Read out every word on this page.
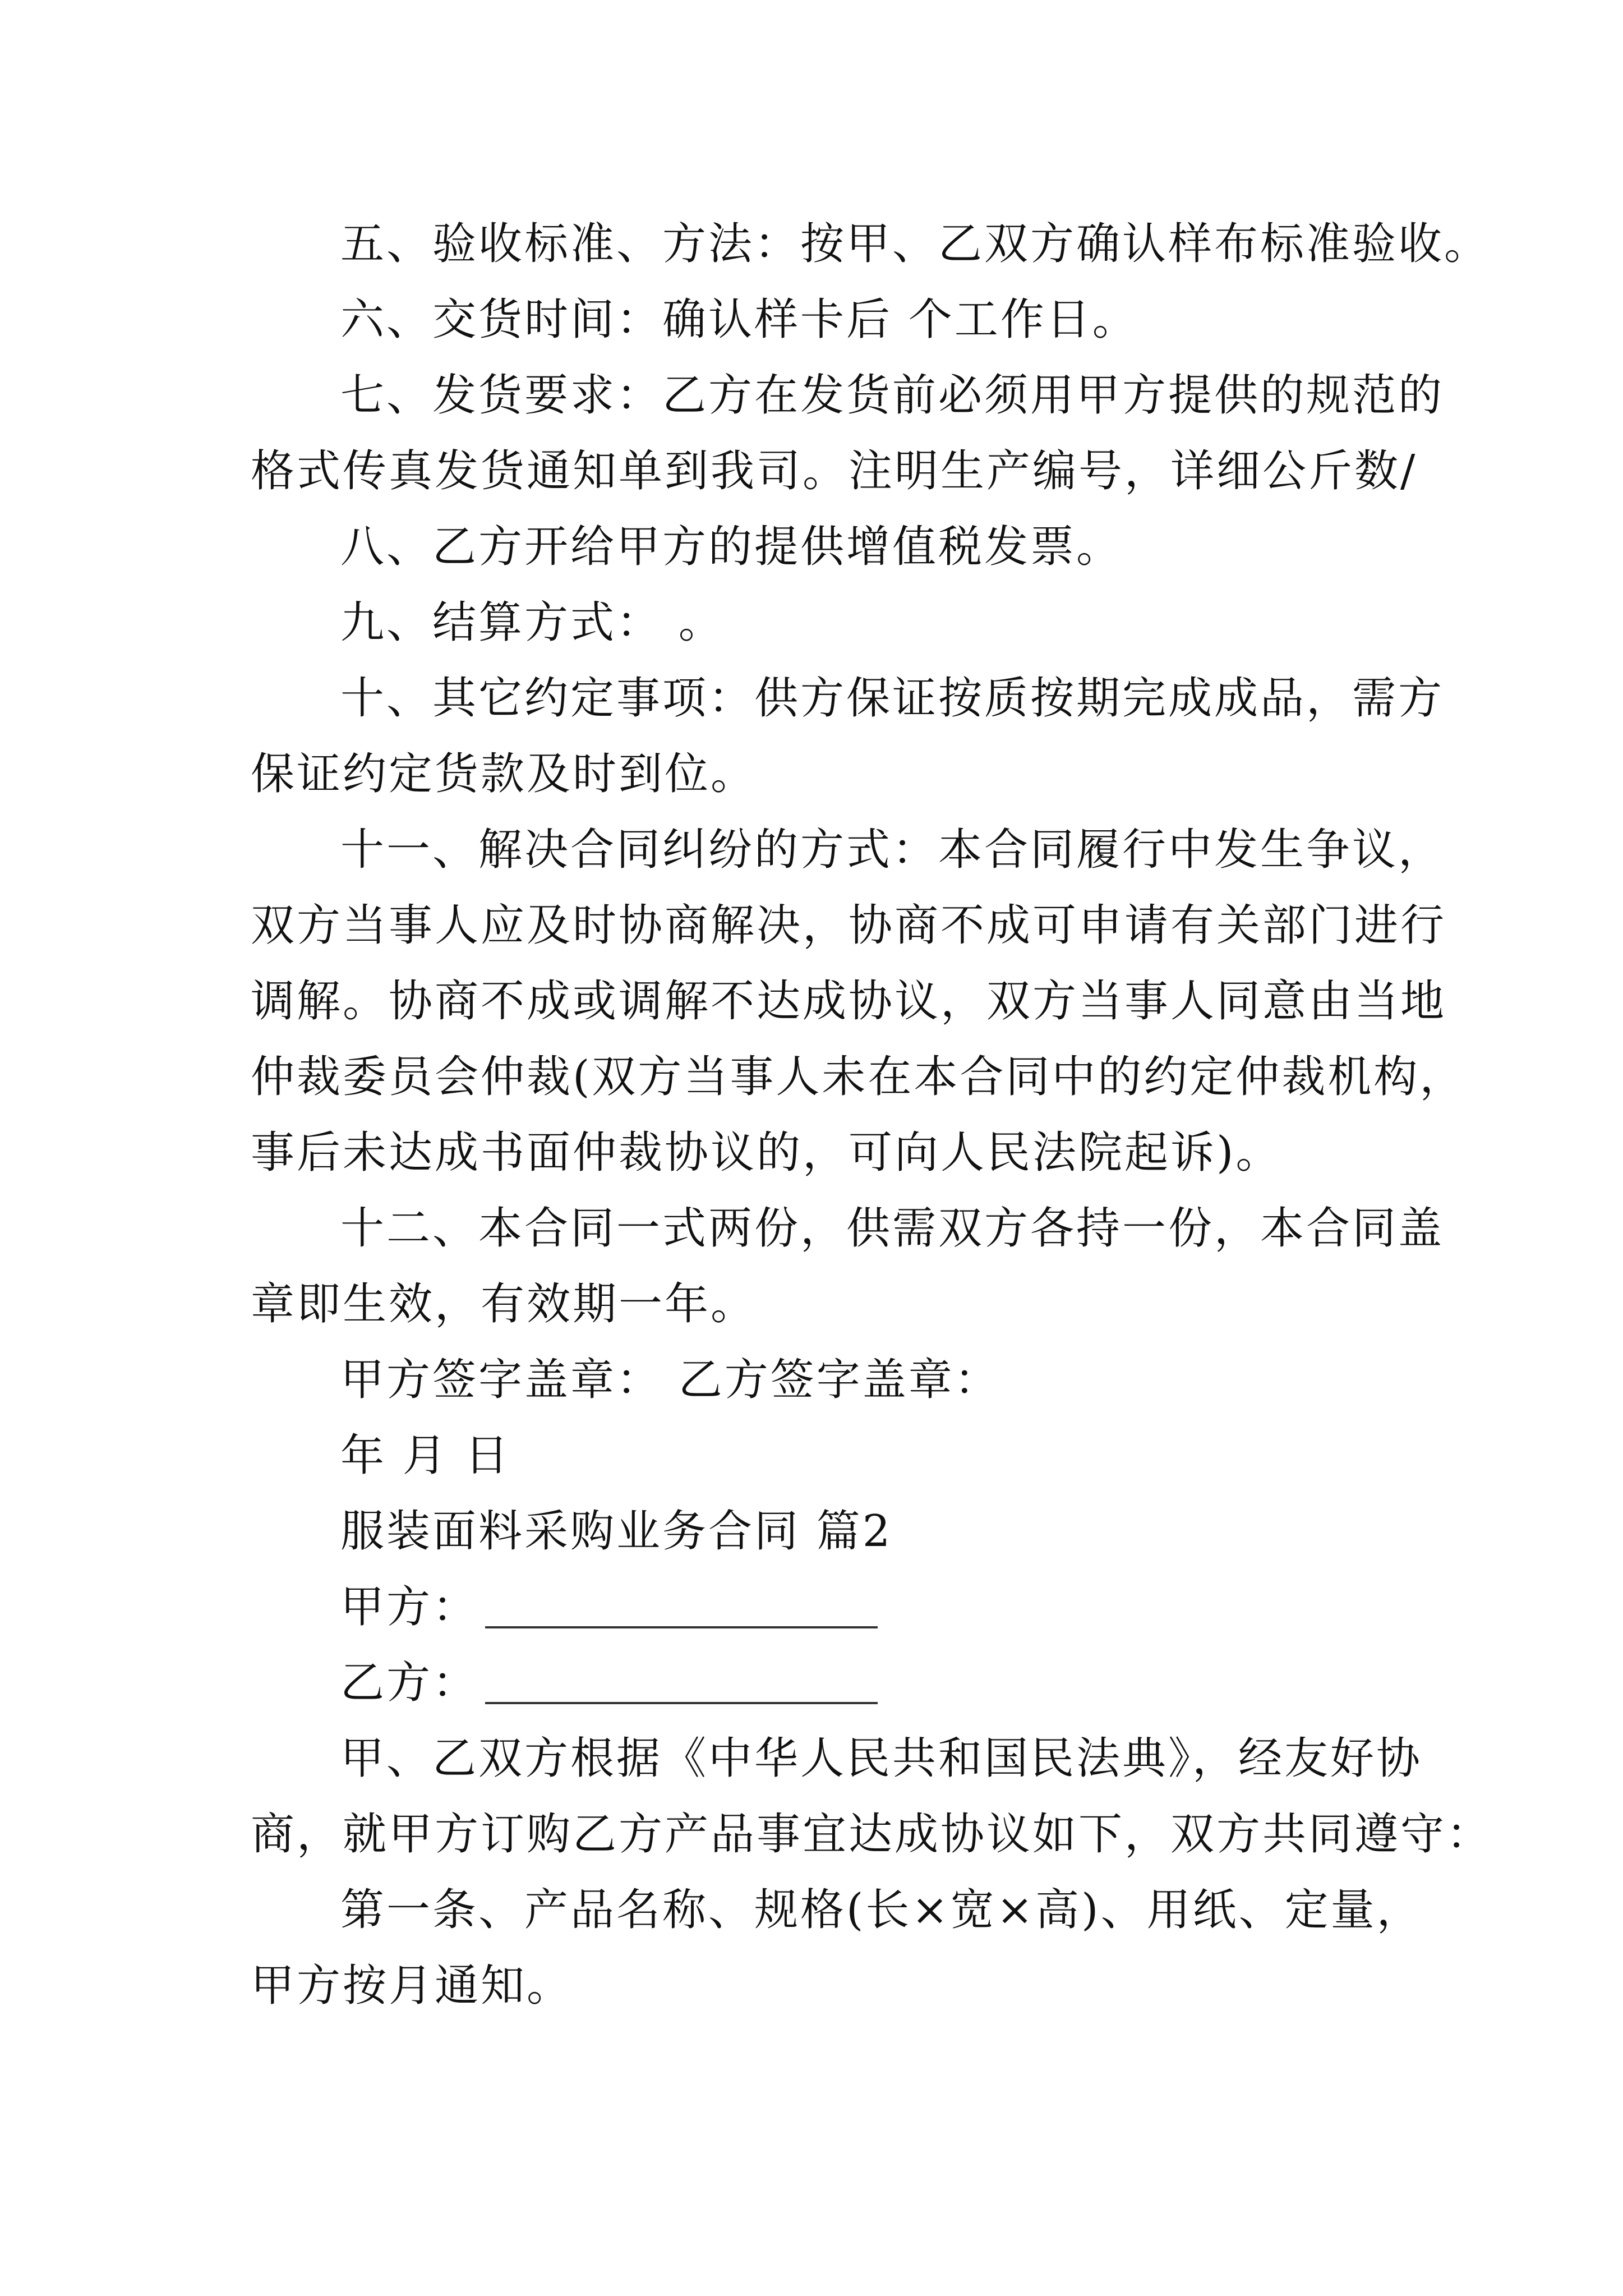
五、验收标准、方法：按甲、乙双方确认样布标准验收。
六、交货时间：确认样卡后 个工作日。
七、发货要求：乙方在发货前必须用甲方提供的规范的
格式传真发货通知单到我司。注明生产编号，详细公斤数/
八、乙方开给甲方的提供增值税发票。
九、结算方式： 。
十、其它约定事项：供方保证按质按期完成成品，需方
保证约定货款及时到位。
十一、解决合同纠纷的方式：本合同履行中发生争议，
双方当事人应及时协商解决，协商不成可申请有关部门进行
调解。协商不成或调解不达成协议，双方当事人同意由当地
仲裁委员会仲裁(双方当事人未在本合同中的约定仲裁机构，
事后未达成书面仲裁协议的，可向人民法院起诉)。
十二、本合同一式两份，供需双方各持一份，本合同盖
章即生效，有效期一年。
甲方签字盖章： 乙方签字盖章：
年 月 日
服装面料采购业务合同 篇2
甲方：
乙方：
甲、乙双方根据《中华人民共和国民法典》，经友好协
商，就甲方订购乙方产品事宜达成协议如下，双方共同遵守：
第一条、产品名称、规格(长×宽×高)、用纸、定量，
甲方按月通知。
